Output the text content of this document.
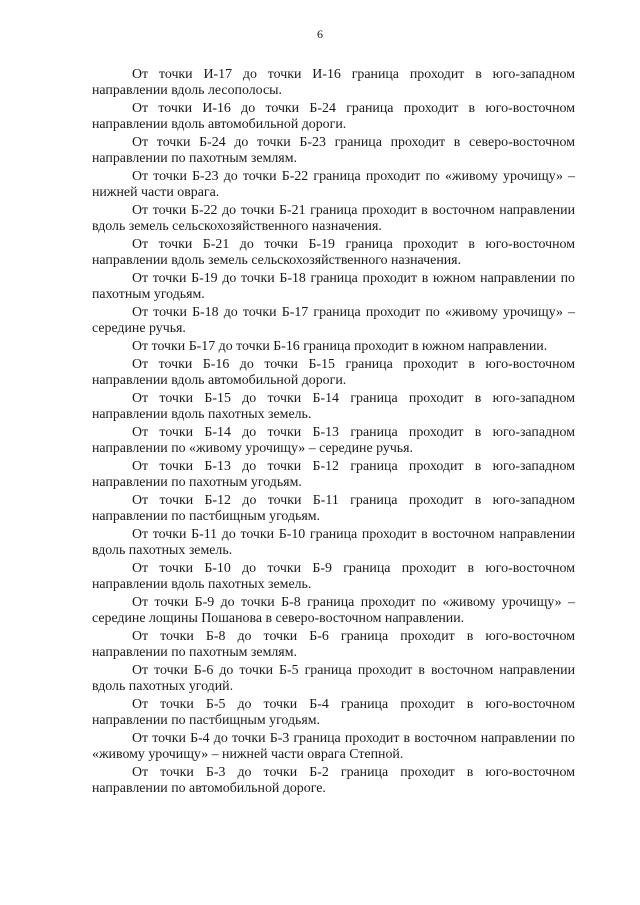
6

От точки И-17 до точки И-16 граница проходит в юго-западном направлении вдоль лесополосы.

От точки И-16 до точки Б-24 граница проходит в юго-восточном направлении вдоль автомобильной дороги.

От точки Б-24 до точки Б-23 граница проходит в северо-восточном направлении по пахотным землям.

От точки Б-23 до точки Б-22 граница проходит по «живому урочищу» – нижней части оврага.

От точки Б-22 до точки Б-21 граница проходит в восточном направлении вдоль земель сельскохозяйственного назначения.

От точки Б-21 до точки Б-19 граница проходит в юго-восточном направлении вдоль земель сельскохозяйственного назначения.

От точки Б-19 до точки Б-18 граница проходит в южном направлении по пахотным угодьям.

От точки Б-18 до точки Б-17 граница проходит по «живому урочищу» – середине ручья.

От точки Б-17 до точки Б-16 граница проходит в южном направлении.

От точки Б-16 до точки Б-15 граница проходит в юго-восточном направлении вдоль автомобильной дороги.

От точки Б-15 до точки Б-14 граница проходит в юго-западном направлении вдоль пахотных земель.

От точки Б-14 до точки Б-13 граница проходит в юго-западном направлении по «живому урочищу» – середине ручья.

От точки Б-13 до точки Б-12 граница проходит в юго-западном направлении по пахотным угодьям.

От точки Б-12 до точки Б-11 граница проходит в юго-западном направлении по пастбищным угодьям.

От точки Б-11 до точки Б-10 граница проходит в восточном направлении вдоль пахотных земель.

От точки Б-10 до точки Б-9 граница проходит в юго-восточном направлении вдоль пахотных земель.

От точки Б-9 до точки Б-8 граница проходит по «живому урочищу» – середине лощины Пошанова в северо-восточном направлении.

От точки Б-8 до точки Б-6 граница проходит в юго-восточном направлении по пахотным землям.

От точки Б-6 до точки Б-5 граница проходит в восточном направлении вдоль пахотных угодий.

От точки Б-5 до точки Б-4 граница проходит в юго-восточном направлении по пастбищным угодьям.

От точки Б-4 до точки Б-3 граница проходит в восточном направлении по «живому урочищу» – нижней части оврага Степной.

От точки Б-3 до точки Б-2 граница проходит в юго-восточном направлении по автомобильной дороге.
